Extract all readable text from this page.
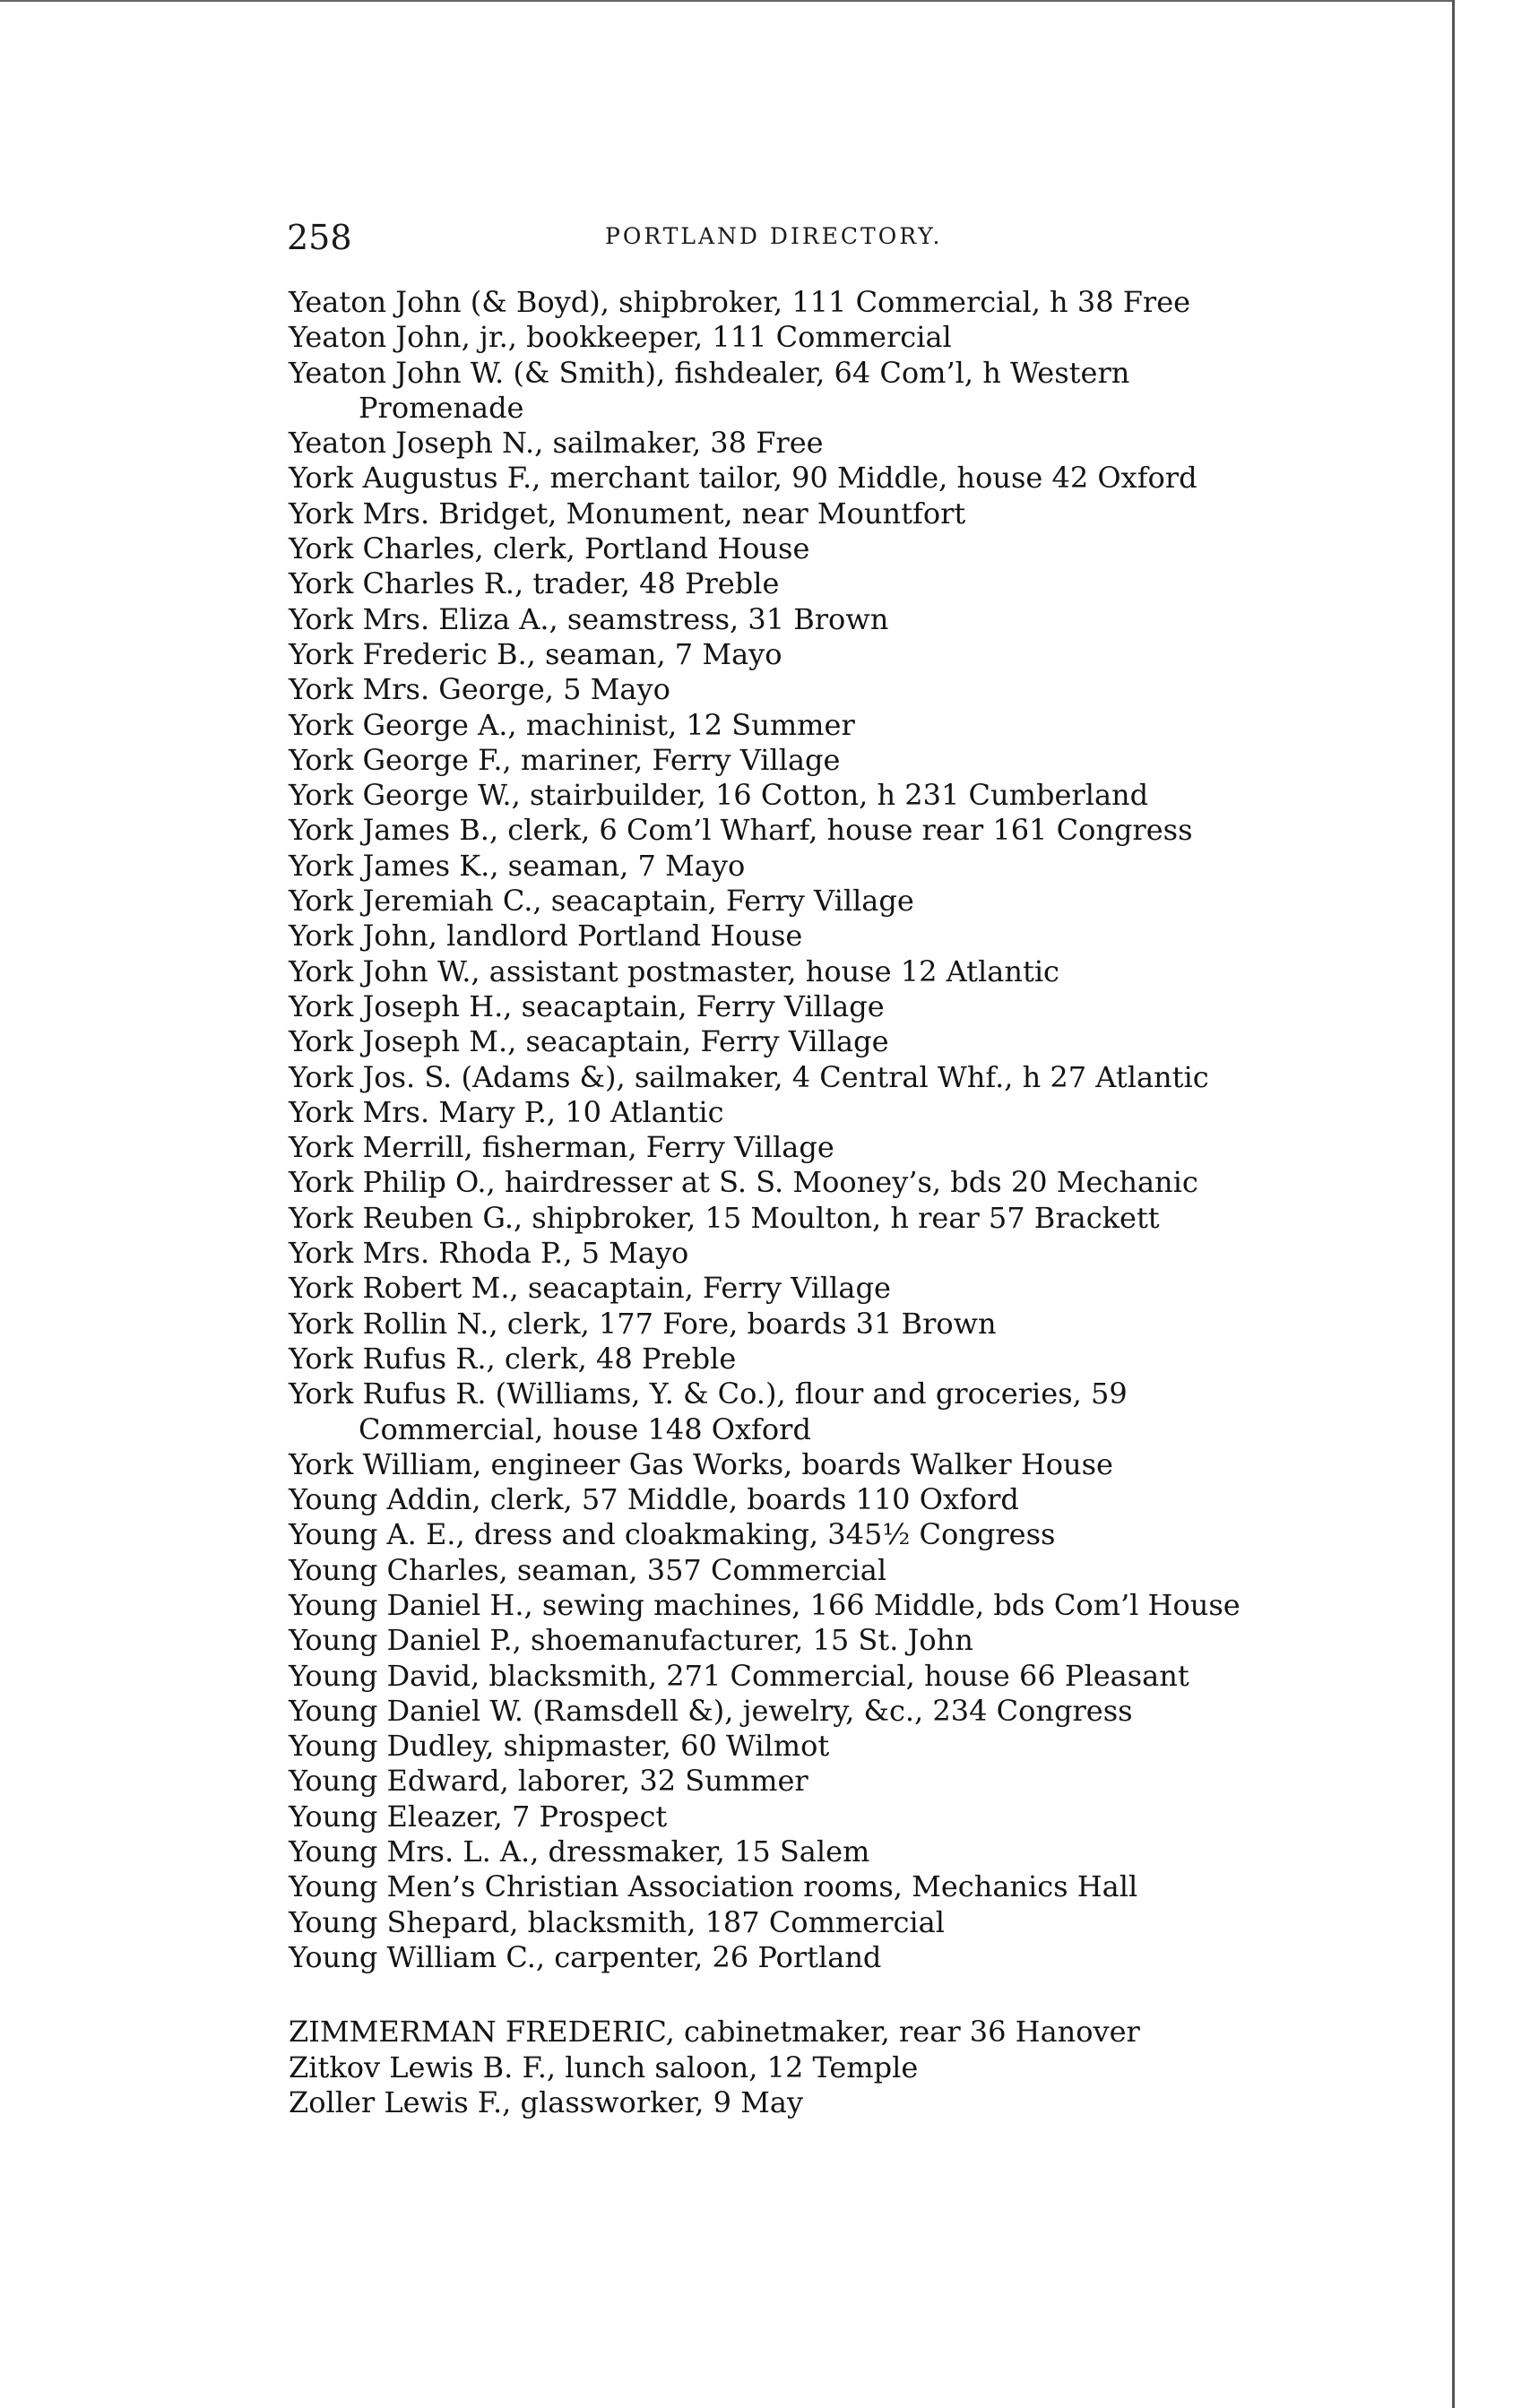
258	PORTLAND DIRECTORY.
Yeaton John (& Boyd), shipbroker, 111 Commercial, h 38 Free
Yeaton John, jr., bookkeeper, 111 Commercial
Yeaton John W. (& Smith), fishdealer, 64 Com’l, h Western
Promenade
Yeaton Joseph N., sailmaker, 38 Free
York Augustus F., merchant tailor, 90 Middle, house 42 Oxford
York Mrs. Bridget, Monument, near Mountfort
York Charles, clerk, Portland House
York Charles R., trader, 48 Preble
York Mrs. Eliza A., seamstress, 31 Brown
York Frederic B., seaman, 7 Mayo
York Mrs. George, 5 Mayo
York George A., machinist, 12 Summer
York George F., mariner, Ferry Village
York George W., stairbuilder, 16 Cotton, h 231 Cumberland
York James B., clerk, 6 Com’l Wharf, house rear 161 Congress
York James K., seaman, 7 Mayo
York Jeremiah C., seacaptain, Ferry Village
York John, landlord Portland House
York John W., assistant postmaster, house 12 Atlantic
York Joseph H., seacaptain, Ferry Village
York Joseph M., seacaptain, Ferry Village
York Jos. S. (Adams &), sailmaker, 4 Central Whf., h 27 Atlantic
York Mrs. Mary P., 10 Atlantic
York Merrill, fisherman, Ferry Village
York Philip O., hairdresser at S. S. Mooney’s, bds 20 Mechanic
York Reuben G., shipbroker, 15 Moulton, h rear 57 Brackett
York Mrs. Rhoda P., 5 Mayo
York Robert M., seacaptain, Ferry Village
York Rollin N., clerk, 177 Fore, boards 31 Brown
York Rufus R., clerk, 48 Preble
York Rufus R. (Williams, Y. & Co.), flour and groceries, 59
Commercial, house 148 Oxford
York William, engineer Gas Works, boards Walker House
Young Addin, clerk, 57 Middle, boards 110 Oxford
Young A. E., dress and cloakmaking, 345½ Congress
Young Charles, seaman, 357 Commercial
Young Daniel H., sewing machines, 166 Middle, bds Com’l House
Young Daniel P., shoemanufacturer, 15 St. John
Young David, blacksmith, 271 Commercial, house 66 Pleasant
Young Daniel W. (Ramsdell &), jewelry, &c., 234 Congress
Young Dudley, shipmaster, 60 Wilmot
Young Edward, laborer, 32 Summer
Young Eleazer, 7 Prospect
Young Mrs. L. A., dressmaker, 15 Salem
Young Men’s Christian Association rooms, Mechanics Hall
Young Shepard, blacksmith, 187 Commercial
Young William C., carpenter, 26 Portland
ZIMMERMAN FREDERIC, cabinetmaker, rear 36 Hanover
Zitkov Lewis B. F., lunch saloon, 12 Temple
Zoller Lewis F., glassworker, 9 May
